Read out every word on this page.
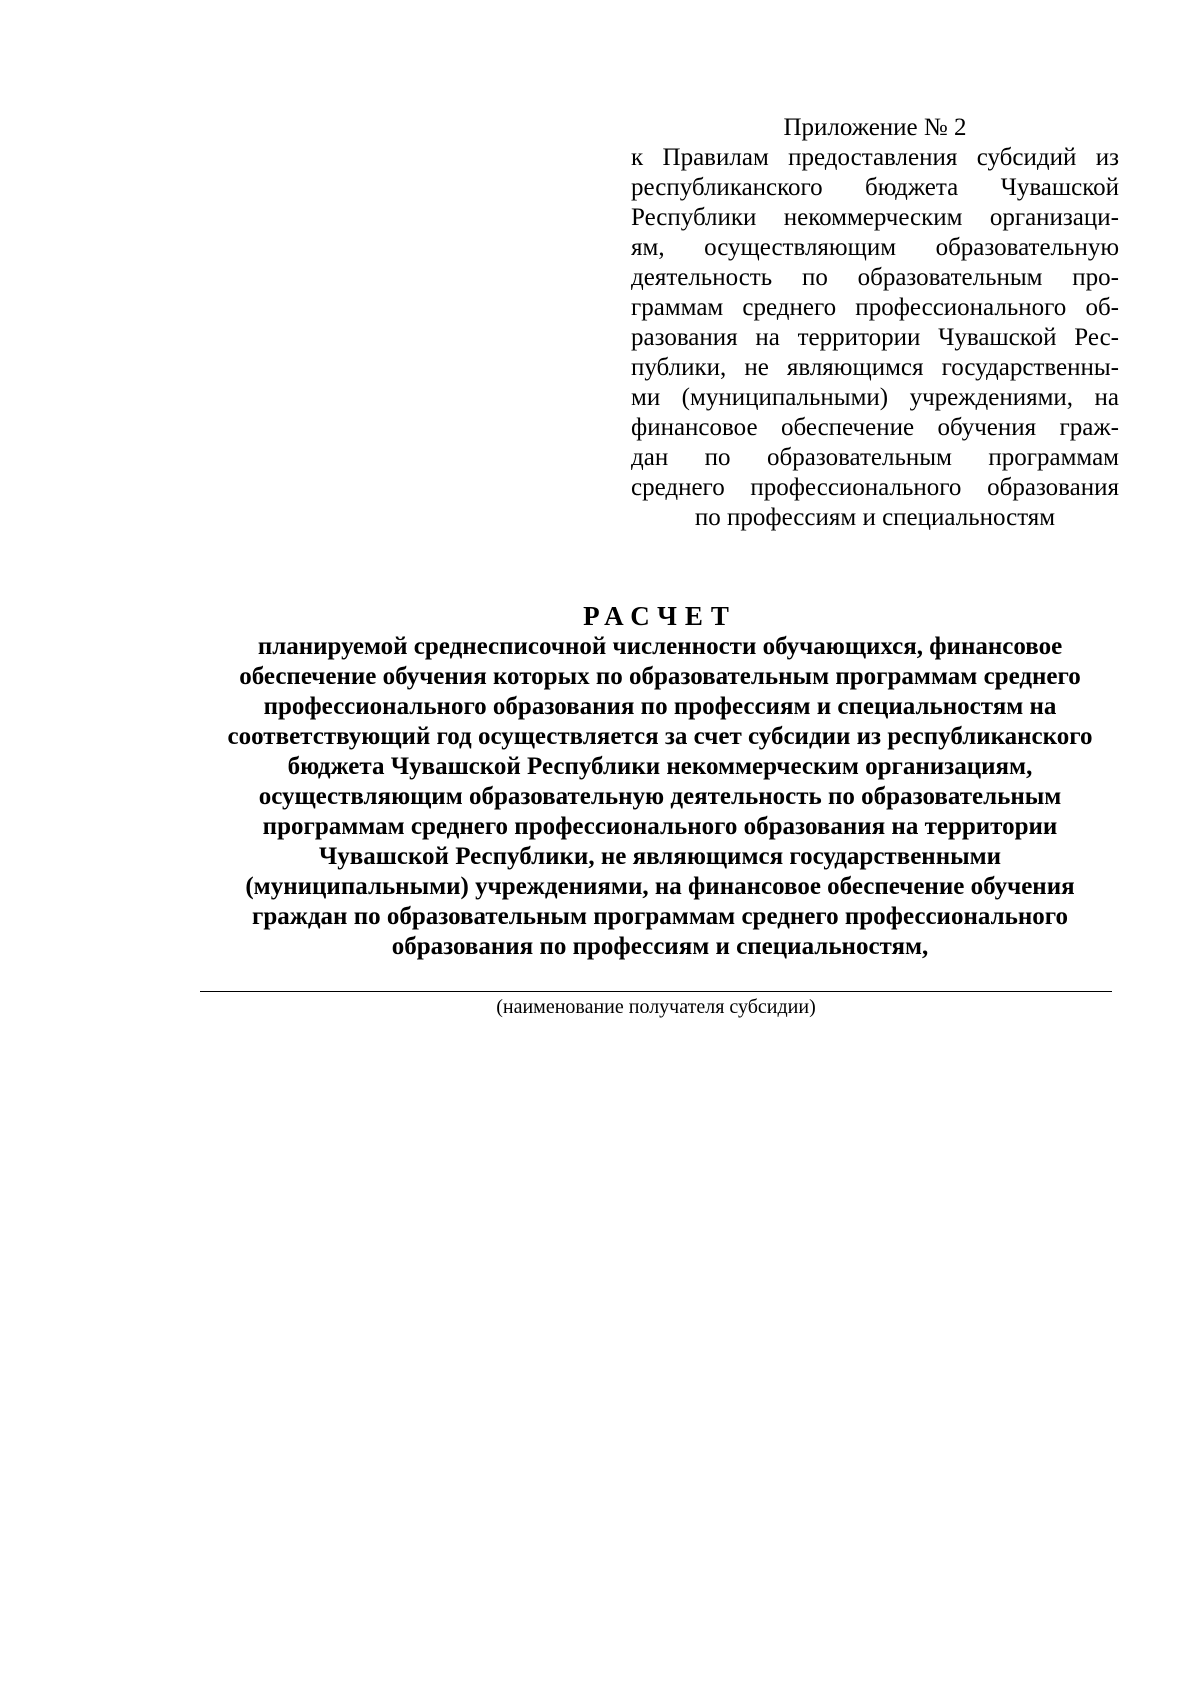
Приложение № 2
к Правилам предоставления субсидий из
республиканского бюджета Чувашской
Республики некоммерческим организаци-
ям, осуществляющим образовательную
деятельность по образовательным про-
граммам среднего профессионального об-
разования на территории Чувашской Рес-
публики, не являющимся государственны-
ми (муниципальными) учреждениями, на
финансовое обеспечение обучения граж-
дан по образовательным программам
среднего профессионального образования
по профессиям и специальностям
РАСЧЕТ
планируемой среднесписочной численности обучающихся, финансовое
обеспечение обучения которых по образовательным программам среднего
профессионального образования по профессиям и специальностям на
соответствующий год осуществляется за счет субсидии из республиканского
бюджета Чувашской Республики некоммерческим организациям,
осуществляющим образовательную деятельность по образовательным
программам среднего профессионального образования на территории
Чувашской Республики, не являющимся государственными
(муниципальными) учреждениями, на финансовое обеспечение обучения
граждан по образовательным программам среднего профессионального
образования по профессиям и специальностям,
(наименование получателя субсидии)
